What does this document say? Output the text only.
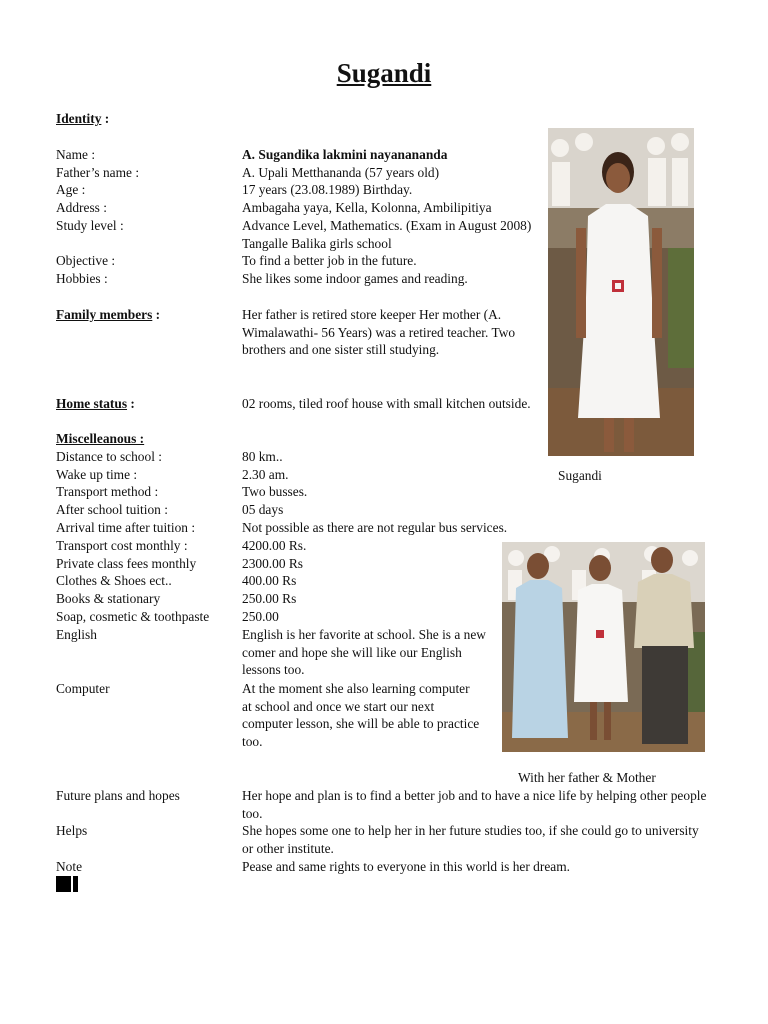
Sugandi
Identity :
Name :	A. Sugandika lakmini nayananandа
Father’s name :	A. Upali Metthananda (57 years old)
Age :	17 years (23.08.1989) Birthday.
Address :	Ambagaha yaya, Kella, Kolonna, Ambilipitiya
Study level :	Advance Level, Mathematics. (Exam in August 2008) Tangalle Balika girls school
Objective :	To find a better job in the future.
Hobbies :	She likes some indoor games and reading.
Family members :	Her father is retired store keeper Her mother (A. Wimalawathi- 56 Years) was a retired teacher. Two brothers and one sister still studying.
Home status :	02 rooms, tiled roof house with small kitchen outside.
Miscelleanous :
Distance to school :	80 km..
Wake up time :	2.30 am.
Transport method :	Two busses.
After school tuition :	05 days
Arrival time after tuition :	Not possible as there are not regular bus services.
Transport cost monthly :	4200.00 Rs.
Private class fees monthly	2300.00 Rs
Clothes & Shoes ect..	400.00 Rs
Books & stationary	250.00 Rs
Soap, cosmetic & toothpaste 250.00
English	English is her favorite at school. She is a new comer and hope she will like our English lessons too.
Computer	At the moment she also learning computer at school and once we start our next computer lesson, she will be able to practice too.
Future plans and hopes	Her hope and plan is to find a better job and to have a nice life by helping other people too.
Helps	She hopes some one to help her in her future studies too, if she could go to university or other institute.
Note	Pease and same rights to everyone in this world is her dream.
Sugandi
With her father & Mother
